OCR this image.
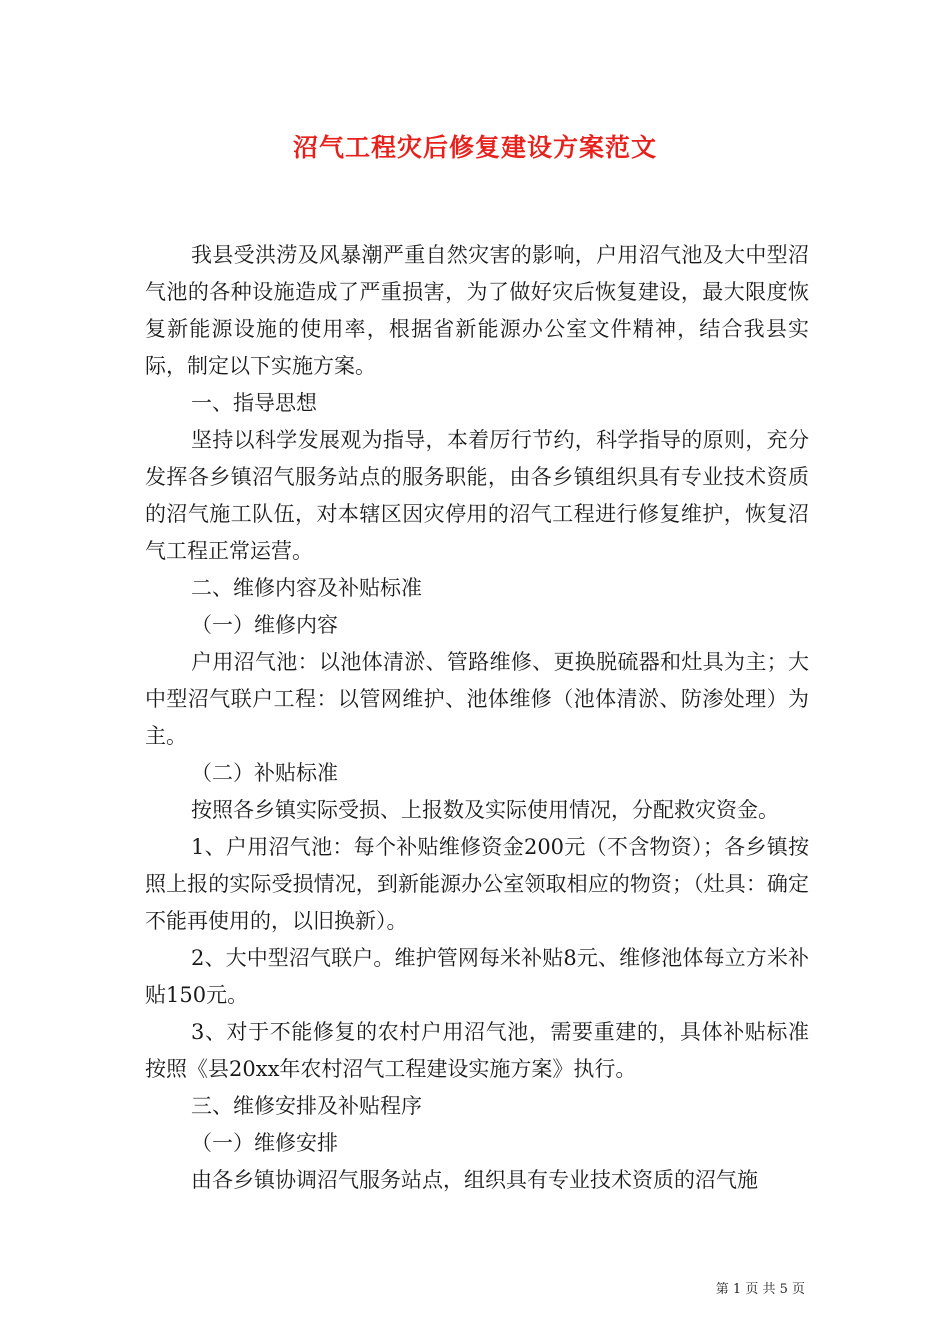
沼气工程灾后修复建设方案范文

我县受洪涝及风暴潮严重自然灾害的影响，户用沼气池及大中型沼气池的各种设施造成了严重损害，为了做好灾后恢复建设，最大限度恢复新能源设施的使用率，根据省新能源办公室文件精神，结合我县实际，制定以下实施方案。

一、指导思想

坚持以科学发展观为指导，本着厉行节约，科学指导的原则，充分发挥各乡镇沼气服务站点的服务职能，由各乡镇组织具有专业技术资质的沼气施工队伍，对本辖区因灾停用的沼气工程进行修复维护，恢复沼气工程正常运营。

二、维修内容及补贴标准

（一）维修内容

户用沼气池：以池体清淤、管路维修、更换脱硫器和灶具为主；大中型沼气联户工程：以管网维护、池体维修（池体清淤、防渗处理）为主。

（二）补贴标准

按照各乡镇实际受损、上报数及实际使用情况，分配救灾资金。

1、户用沼气池：每个补贴维修资金200元（不含物资）；各乡镇按照上报的实际受损情况，到新能源办公室领取相应的物资；（灶具：确定不能再使用的，以旧换新）。

2、大中型沼气联户。维护管网每米补贴8元、维修池体每立方米补贴150元。

3、对于不能修复的农村户用沼气池，需要重建的，具体补贴标准按照《县20xx年农村沼气工程建设实施方案》执行。

三、维修安排及补贴程序

（一）维修安排

由各乡镇协调沼气服务站点，组织具有专业技术资质的沼气施

第 1 页 共 5 页
